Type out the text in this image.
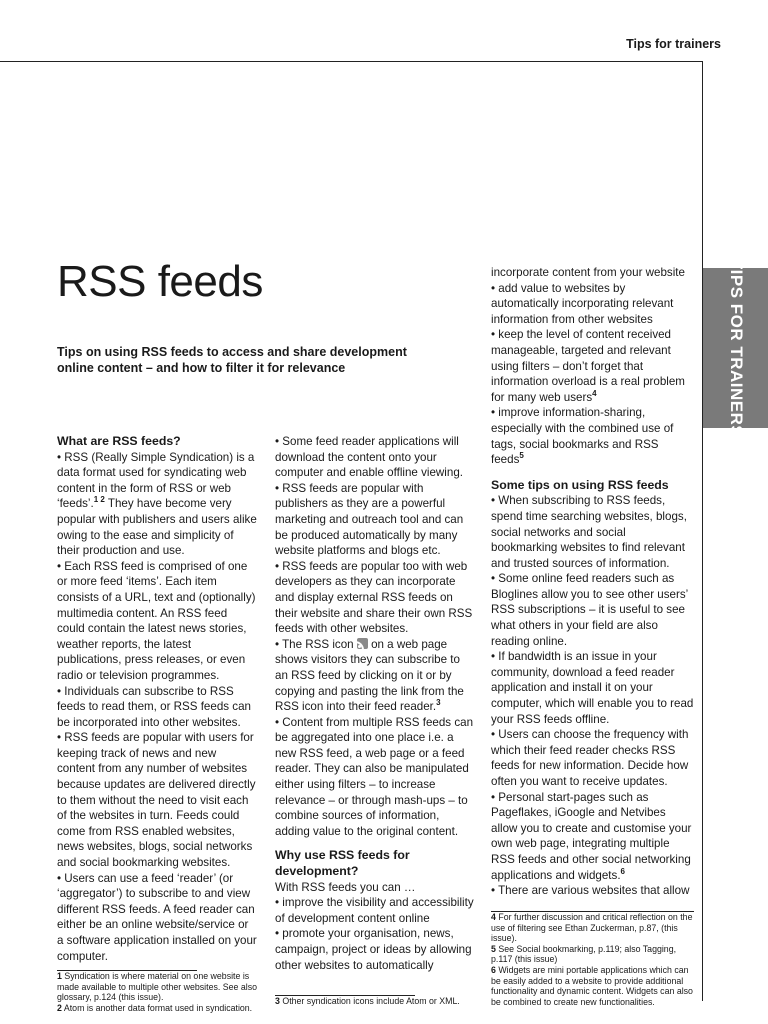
Tips for trainers
TIPS FOR TRAINERS
RSS feeds

Tips on using RSS feeds to access and share development online content – and how to filter it for relevance

What are RSS feeds?

• RSS (Really Simple Syndication) is a data format used for syndicating web content in the form of RSS or web ‘feeds’.$^{1 2}$ They have become very popular with publishers and users alike owing to the ease and simplicity of their production and use.

• Each RSS feed is comprised of one or more feed ‘items’. Each item consists of a URL, text and (optionally) multimedia content. An RSS feed could contain the latest news stories, weather reports, the latest publications, press releases, or even radio or television programmes.

• Individuals can subscribe to RSS feeds to read them, or RSS feeds can be incorporated into other websites.

• RSS feeds are popular with users for keeping track of news and new content from any number of websites because updates are delivered directly to them without the need to visit each of the websites in turn. Feeds could come from RSS enabled websites, news websites, blogs, social networks and social bookmarking websites.

• Users can use a feed ‘reader’ (or ‘aggregator’) to subscribe to and view different RSS feeds. A feed reader can either be an online website/service or a software application installed on your computer.

• Some feed reader applications will download the content onto your computer and enable offline viewing.

• RSS feeds are popular with publishers as they are a powerful marketing and outreach tool and can be produced automatically by many website platforms and blogs etc.

• RSS feeds are popular too with web developers as they can incorporate and display external RSS feeds on their website and share their own RSS feeds with other websites.

• The RSS icon  on a web page shows visitors they can subscribe to an RSS feed by clicking on it or by copying and pasting the link from the RSS icon into their feed reader.$^3$

• Content from multiple RSS feeds can be aggregated into one place i.e. a new RSS feed, a web page or a feed reader. They can also be manipulated either using filters – to increase relevance – or through mash-ups – to combine sources of information, adding value to the original content.

Why use RSS feeds for development?

With RSS feeds you can …

• improve the visibility and accessibility of development content online

• promote your organisation, news, campaign, project or ideas by allowing other websites to automatically

incorporate content from your website

• add value to websites by automatically incorporating relevant information from other websites

• keep the level of content received manageable, targeted and relevant using filters – don’t forget that information overload is a real problem for many web users$^4$

• improve information-sharing, especially with the combined use of tags, social bookmarks and RSS feeds$^5$

Some tips on using RSS feeds

• When subscribing to RSS feeds, spend time searching websites, blogs, social networks and social bookmarking websites to find relevant and trusted sources of information.

• Some online feed readers such as Bloglines allow you to see other users’ RSS subscriptions – it is useful to see what others in your field are also reading online.

• If bandwidth is an issue in your community, download a feed reader application and install it on your computer, which will enable you to read your RSS feeds offline.

• Users can choose the frequency with which their feed reader checks RSS feeds for new information. Decide how often you want to receive updates.

• Personal start-pages such as Pageflakes, iGoogle and Netvibes allow you to create and customise your own web page, integrating multiple RSS feeds and other social networking applications and widgets.$^6$

• There are various websites that allow

1 Syndication is where material on one website is made available to multiple other websites. See also glossary, p.124 (this issue).

2 Atom is another data format used in syndication.

3 Other syndication icons include Atom or XML.

4 For further discussion and critical reflection on the use of filtering see Ethan Zuckerman, p.87, (this issue).

5 See Social bookmarking, p.119; also Tagging, p.117 (this issue)

6 Widgets are mini portable applications which can be easily added to a website to provide additional functionality and dynamic content. Widgets can also be combined to create new functionalities.
